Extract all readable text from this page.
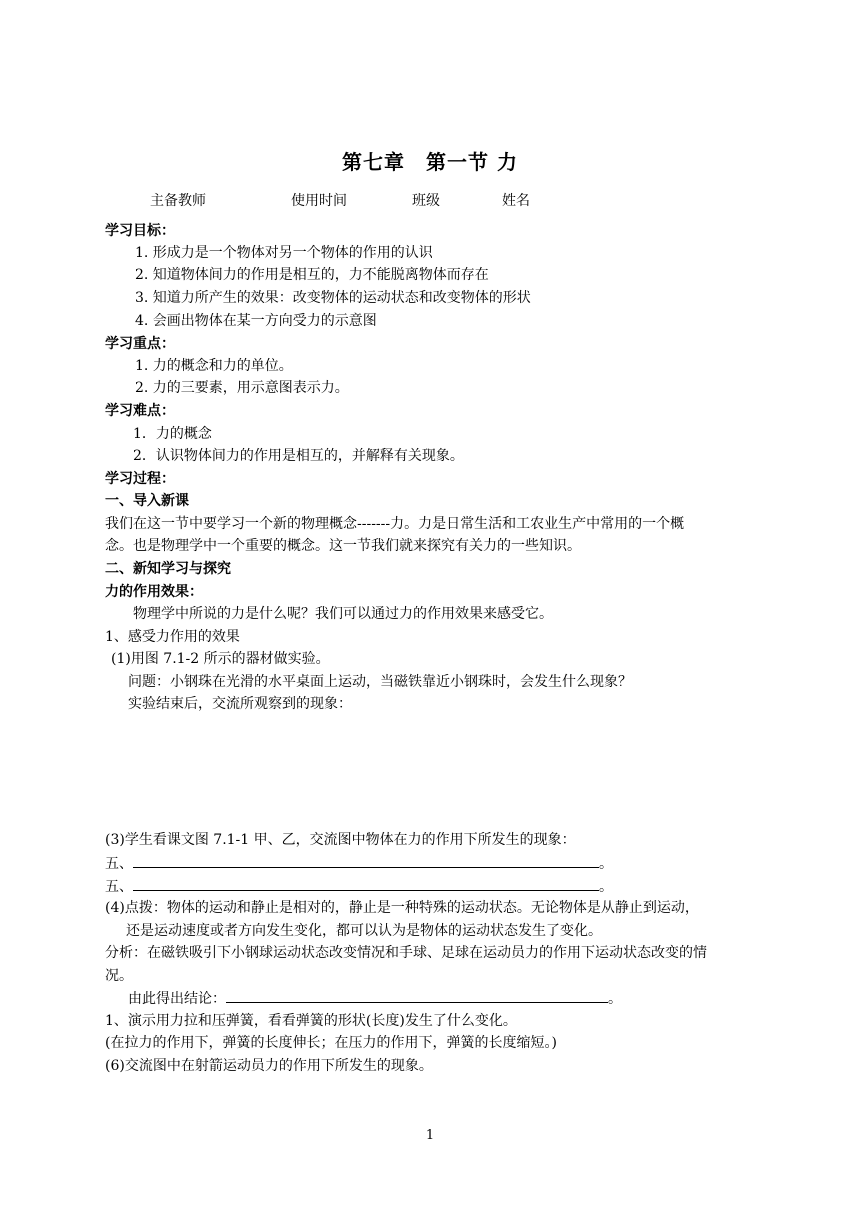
第七章　第一节 力
主备教师	使用时间	班级	姓名
学习目标：
1. 形成力是一个物体对另一个物体的作用的认识
2. 知道物体间力的作用是相互的，力不能脱离物体而存在
3. 知道力所产生的效果：改变物体的运动状态和改变物体的形状
4. 会画出物体在某一方向受力的示意图
学习重点：
1. 力的概念和力的单位。
2. 力的三要素，用示意图表示力。
学习难点：
1．力的概念
2．认识物体间力的作用是相互的，并解释有关现象。
学习过程：
一、导入新课
我们在这一节中要学习一个新的物理概念-------力。力是日常生活和工农业生产中常用的一个概
念。也是物理学中一个重要的概念。这一节我们就来探究有关力的一些知识。
二、新知学习与探究
力的作用效果：
物理学中所说的力是什么呢？我们可以通过力的作用效果来感受它。
1、感受力作用的效果
(1)用图 7.1-2 所示的器材做实验。
问题：小钢珠在光滑的水平桌面上运动，当磁铁靠近小钢珠时，会发生什么现象？
实验结束后，交流所观察到的现象：
(3)学生看课文图 7.1-1 甲、乙，交流图中物体在力的作用下所发生的现象：
五、	。
五、	。
(4)点拨：物体的运动和静止是相对的，静止是一种特殊的运动状态。无论物体是从静止到运动，
还是运动速度或者方向发生变化，都可以认为是物体的运动状态发生了变化。
分析：在磁铁吸引下小钢球运动状态改变情况和手球、足球在运动员力的作用下运动状态改变的情
况。
由此得出结论：	。
1、演示用力拉和压弹簧，看看弹簧的形状(长度)发生了什么变化。
(在拉力的作用下，弹簧的长度伸长；在压力的作用下，弹簧的长度缩短。)
(6)交流图中在射箭运动员力的作用下所发生的现象。
1
